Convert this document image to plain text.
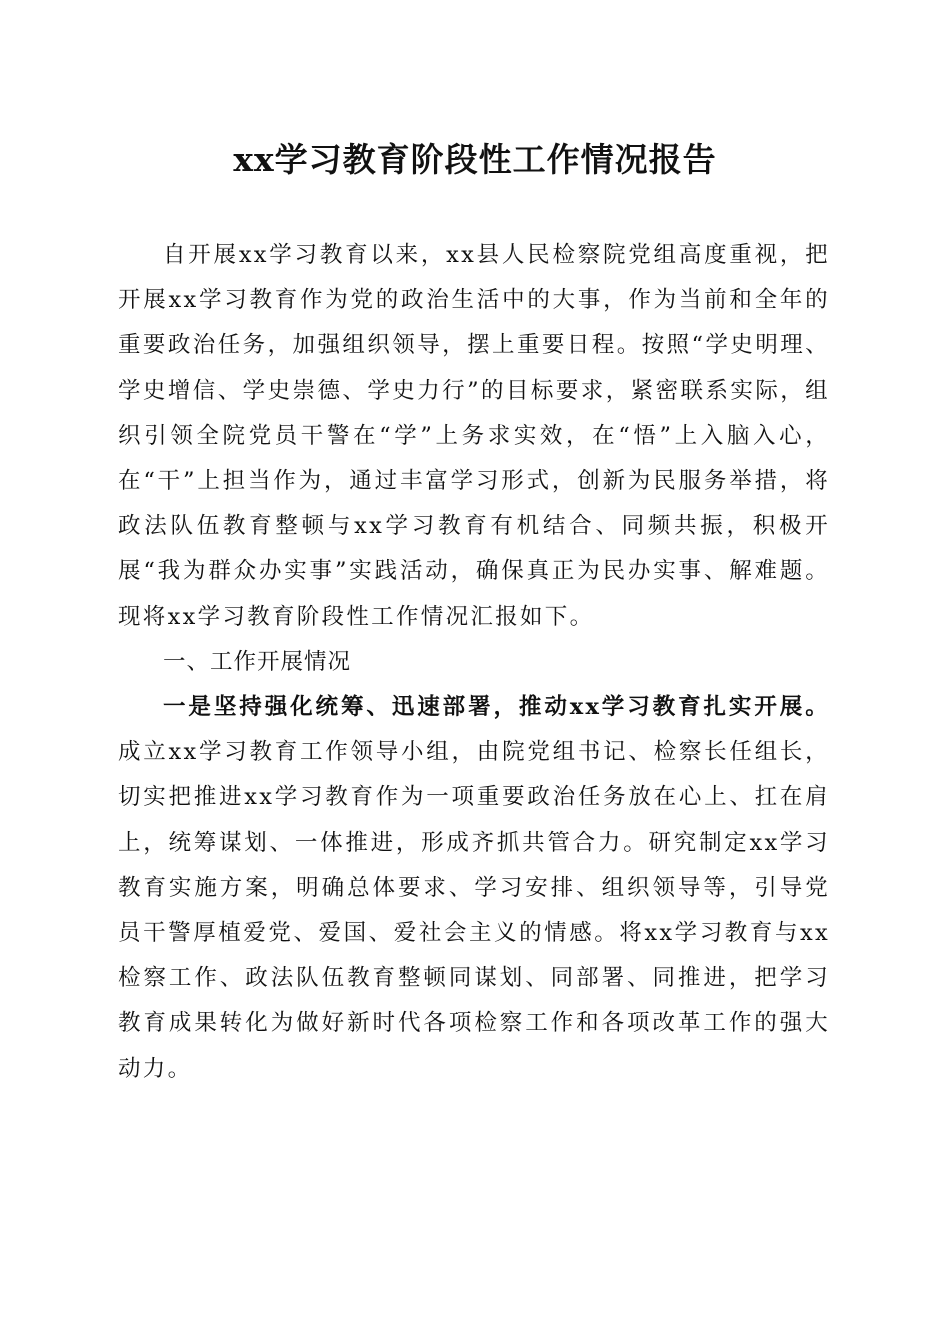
xx学习教育阶段性工作情况报告

自开展xx学习教育以来，xx县人民检察院党组高度重视，把开展xx学习教育作为党的政治生活中的大事，作为当前和全年的重要政治任务，加强组织领导，摆上重要日程。按照“学史明理、学史增信、学史崇德、学史力行”的目标要求，紧密联系实际，组织引领全院党员干警在“学”上务求实效，在“悟”上入脑入心，在“干”上担当作为，通过丰富学习形式，创新为民服务举措，将政法队伍教育整顿与xx学习教育有机结合、同频共振，积极开展“我为群众办实事”实践活动，确保真正为民办实事、解难题。现将xx学习教育阶段性工作情况汇报如下。

一、工作开展情况

一是坚持强化统筹、迅速部署，推动xx学习教育扎实开展。成立xx学习教育工作领导小组，由院党组书记、检察长任组长，切实把推进xx学习教育作为一项重要政治任务放在心上、扛在肩上，统筹谋划、一体推进，形成齐抓共管合力。研究制定xx学习教育实施方案，明确总体要求、学习安排、组织领导等，引导党员干警厚植爱党、爱国、爱社会主义的情感。将xx学习教育与xx检察工作、政法队伍教育整顿同谋划、同部署、同推进，把学习教育成果转化为做好新时代各项检察工作和各项改革工作的强大动力。
